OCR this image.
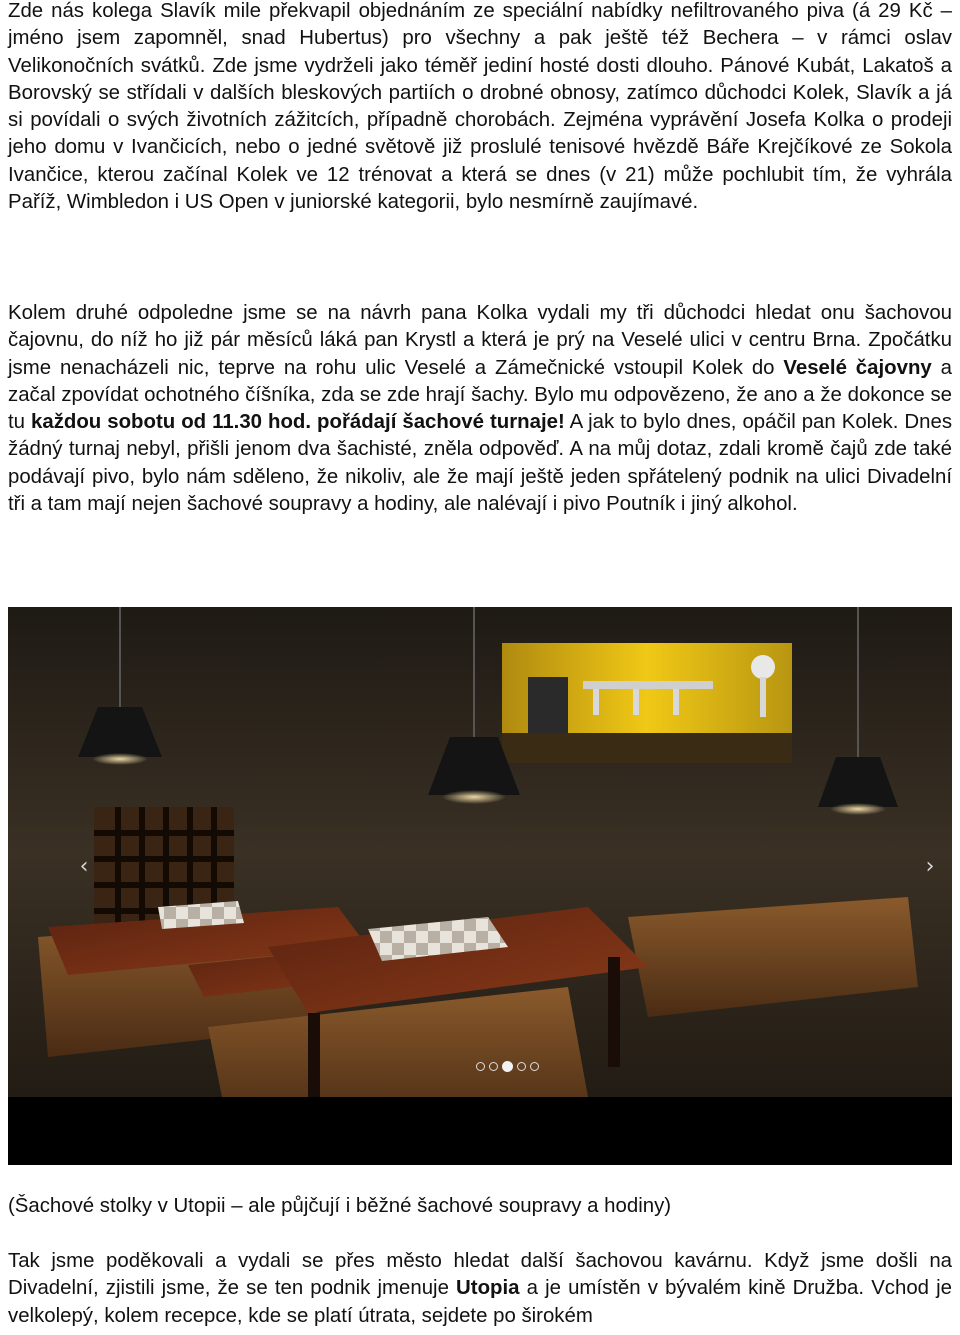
Zde nás kolega Slavík mile překvapil objednáním ze speciální nabídky nefiltrovaného piva (á 29 Kč – jméno jsem zapomněl, snad Hubertus) pro všechny a pak ještě též Bechera – v rámci oslav Velikonočních svátků. Zde jsme vydrželi jako téměř jediní hosté dosti dlouho. Pánové Kubát, Lakatoš a Borovský se střídali v dalších bleskových partiích o drobné obnosy, zatímco důchodci Kolek, Slavík a já si povídali o svých životních zážitcích, případně chorobách. Zejména vyprávění Josefa Kolka o prodeji jeho domu v Ivančicích, nebo o jedné světově již proslulé tenisové hvězdě Báře Krejčíkové ze Sokola Ivančice, kterou začínal Kolek ve 12 trénovat a která se dnes (v 21) může pochlubit tím, že vyhrála Paříž, Wimbledon i US Open v juniorské kategorii, bylo nesmírně zaujímavé.

Kolem druhé odpoledne jsme se na návrh pana Kolka vydali my tři důchodci hledat onu šachovou čajovnu, do níž ho již pár měsíců láká pan Krystl a která je prý na Veselé ulici v centru Brna. Zpočátku jsme nenacházeli nic, teprve na rohu ulic Veselé a Zámečnické vstoupil Kolek do Veselé čajovny a začal zpovídat ochotného číšníka, zda se zde hrají šachy. Bylo mu odpovězeno, že ano a že dokonce se tu každou sobotu od 11.30 hod. pořádají šachové turnaje! A jak to bylo dnes, opáčil pan Kolek. Dnes žádný turnaj nebyl, přišli jenom dva šachisté, zněla odpověď. A na můj dotaz, zdali kromě čajů zde také podávají pivo, bylo nám sděleno, že nikoliv, ale že mají ještě jeden spřátelený podnik na ulici Divadelní tři a tam mají nejen šachové soupravy a hodiny, ale nalévají i pivo Poutník i jiný alkohol.

‹	›

(Šachové stolky v Utopii – ale půjčují i běžné šachové soupravy a hodiny)

Tak jsme poděkovali a vydali se přes město hledat další šachovou kavárnu. Když jsme došli na Divadelní, zjistili jsme, že se ten podnik jmenuje Utopia a je umístěn v bývalém kině Družba. Vchod je velkolepý, kolem recepce, kde se platí útrata, sejdete po širokém
